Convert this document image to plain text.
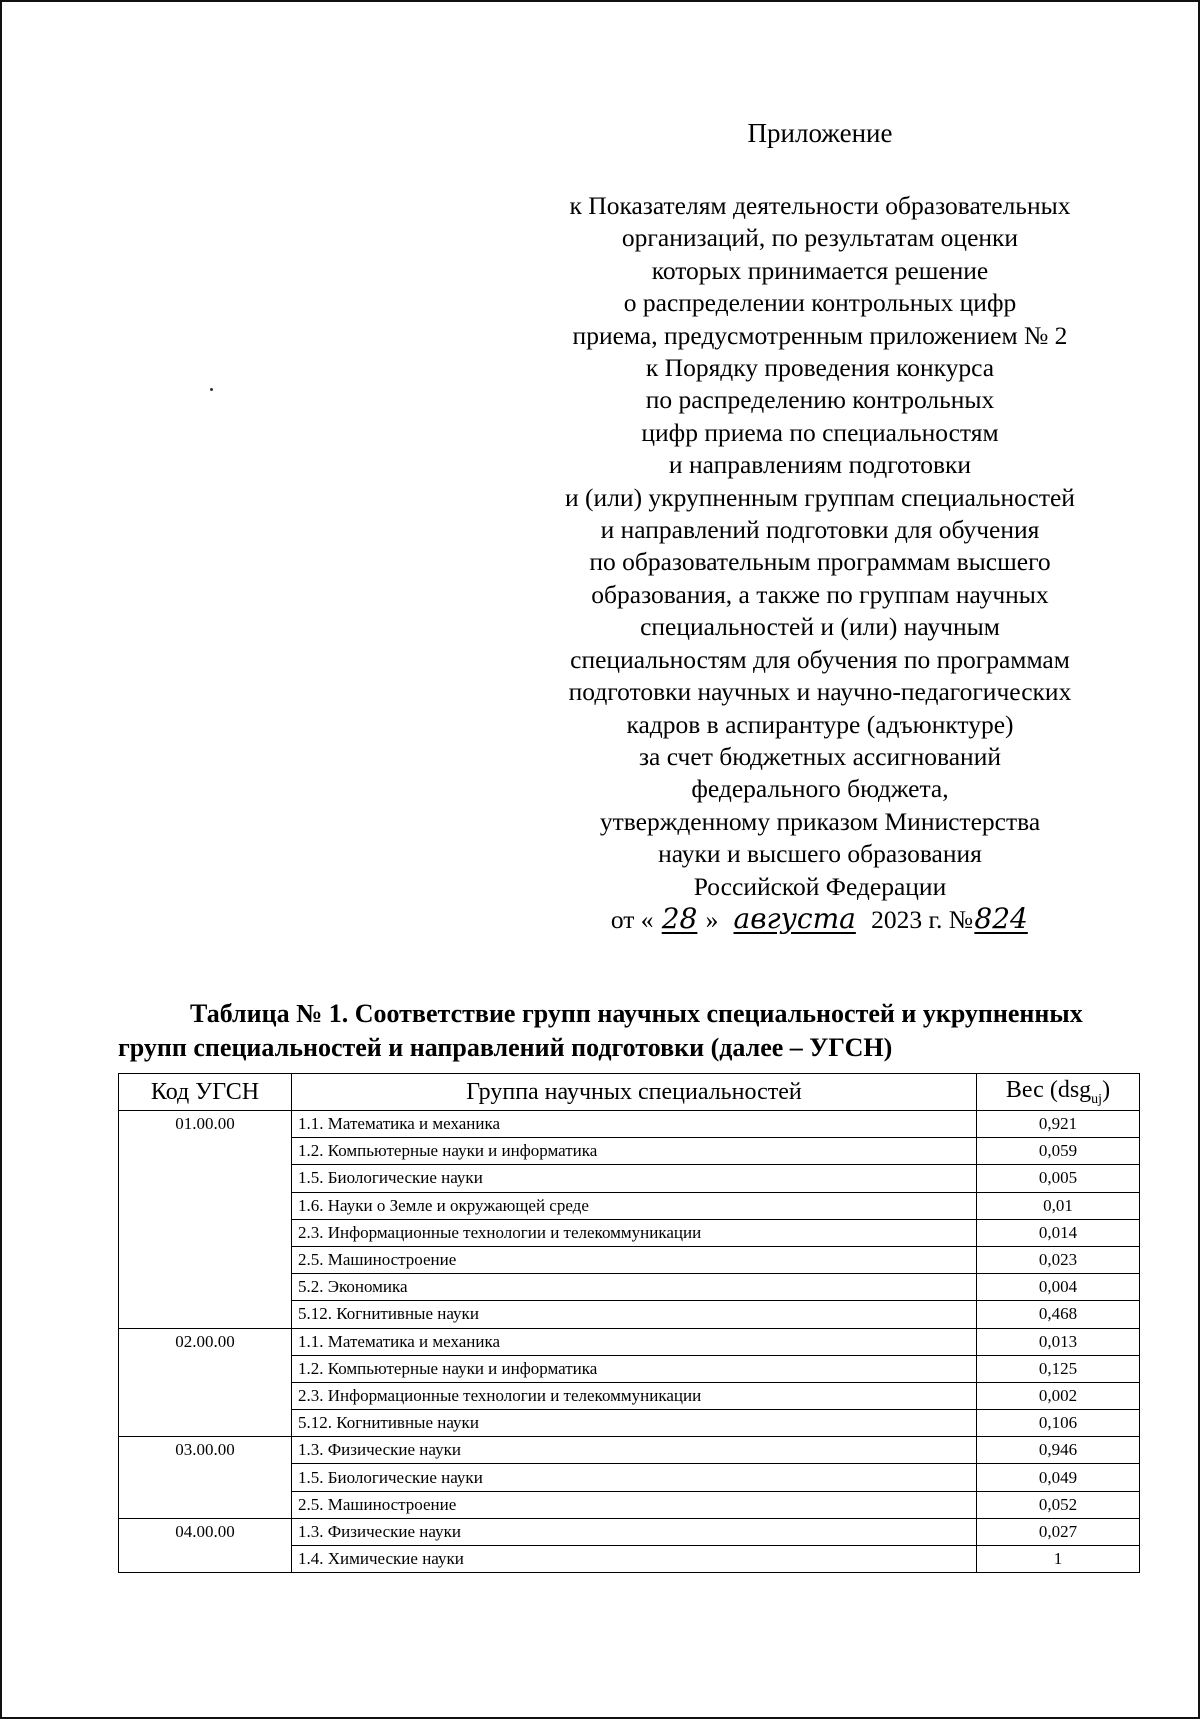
Приложение
к Показателям деятельности образовательных
организаций, по результатам оценки
которых принимается решение
о распределении контрольных цифр
приема, предусмотренным приложением № 2
к Порядку проведения конкурса
по распределению контрольных
цифр приема по специальностям
и направлениям подготовки
и (или) укрупненным группам специальностей
и направлений подготовки для обучения
по образовательным программам высшего
образования, а также по группам научных
специальностей и (или) научным
специальностям для обучения по программам
подготовки научных и научно-педагогических
кадров в аспирантуре (адъюнктуре)
за счет бюджетных ассигнований
федерального бюджета,
утвержденному приказом Министерства
науки и высшего образования
Российской Федерации
от « 28 » августа 2023 г. №824
Таблица № 1. Соответствие групп научных специальностей и укрупненных
групп специальностей и направлений подготовки (далее – УГСН)
Код УГСН	Группа научных специальностей	Вес (dsg$_{uj}$)
01.00.00	1.1. Математика и механика	0,921
	1.2. Компьютерные науки и информатика	0,059
	1.5. Биологические науки	0,005
	1.6. Науки о Земле и окружающей среде	0,01
	2.3. Информационные технологии и телекоммуникации	0,014
	2.5. Машиностроение	0,023
	5.2. Экономика	0,004
	5.12. Когнитивные науки	0,468
02.00.00	1.1. Математика и механика	0,013
	1.2. Компьютерные науки и информатика	0,125
	2.3. Информационные технологии и телекоммуникации	0,002
	5.12. Когнитивные науки	0,106
03.00.00	1.3. Физические науки	0,946
	1.5. Биологические науки	0,049
	2.5. Машиностроение	0,052
04.00.00	1.3. Физические науки	0,027
	1.4. Химические науки	1
